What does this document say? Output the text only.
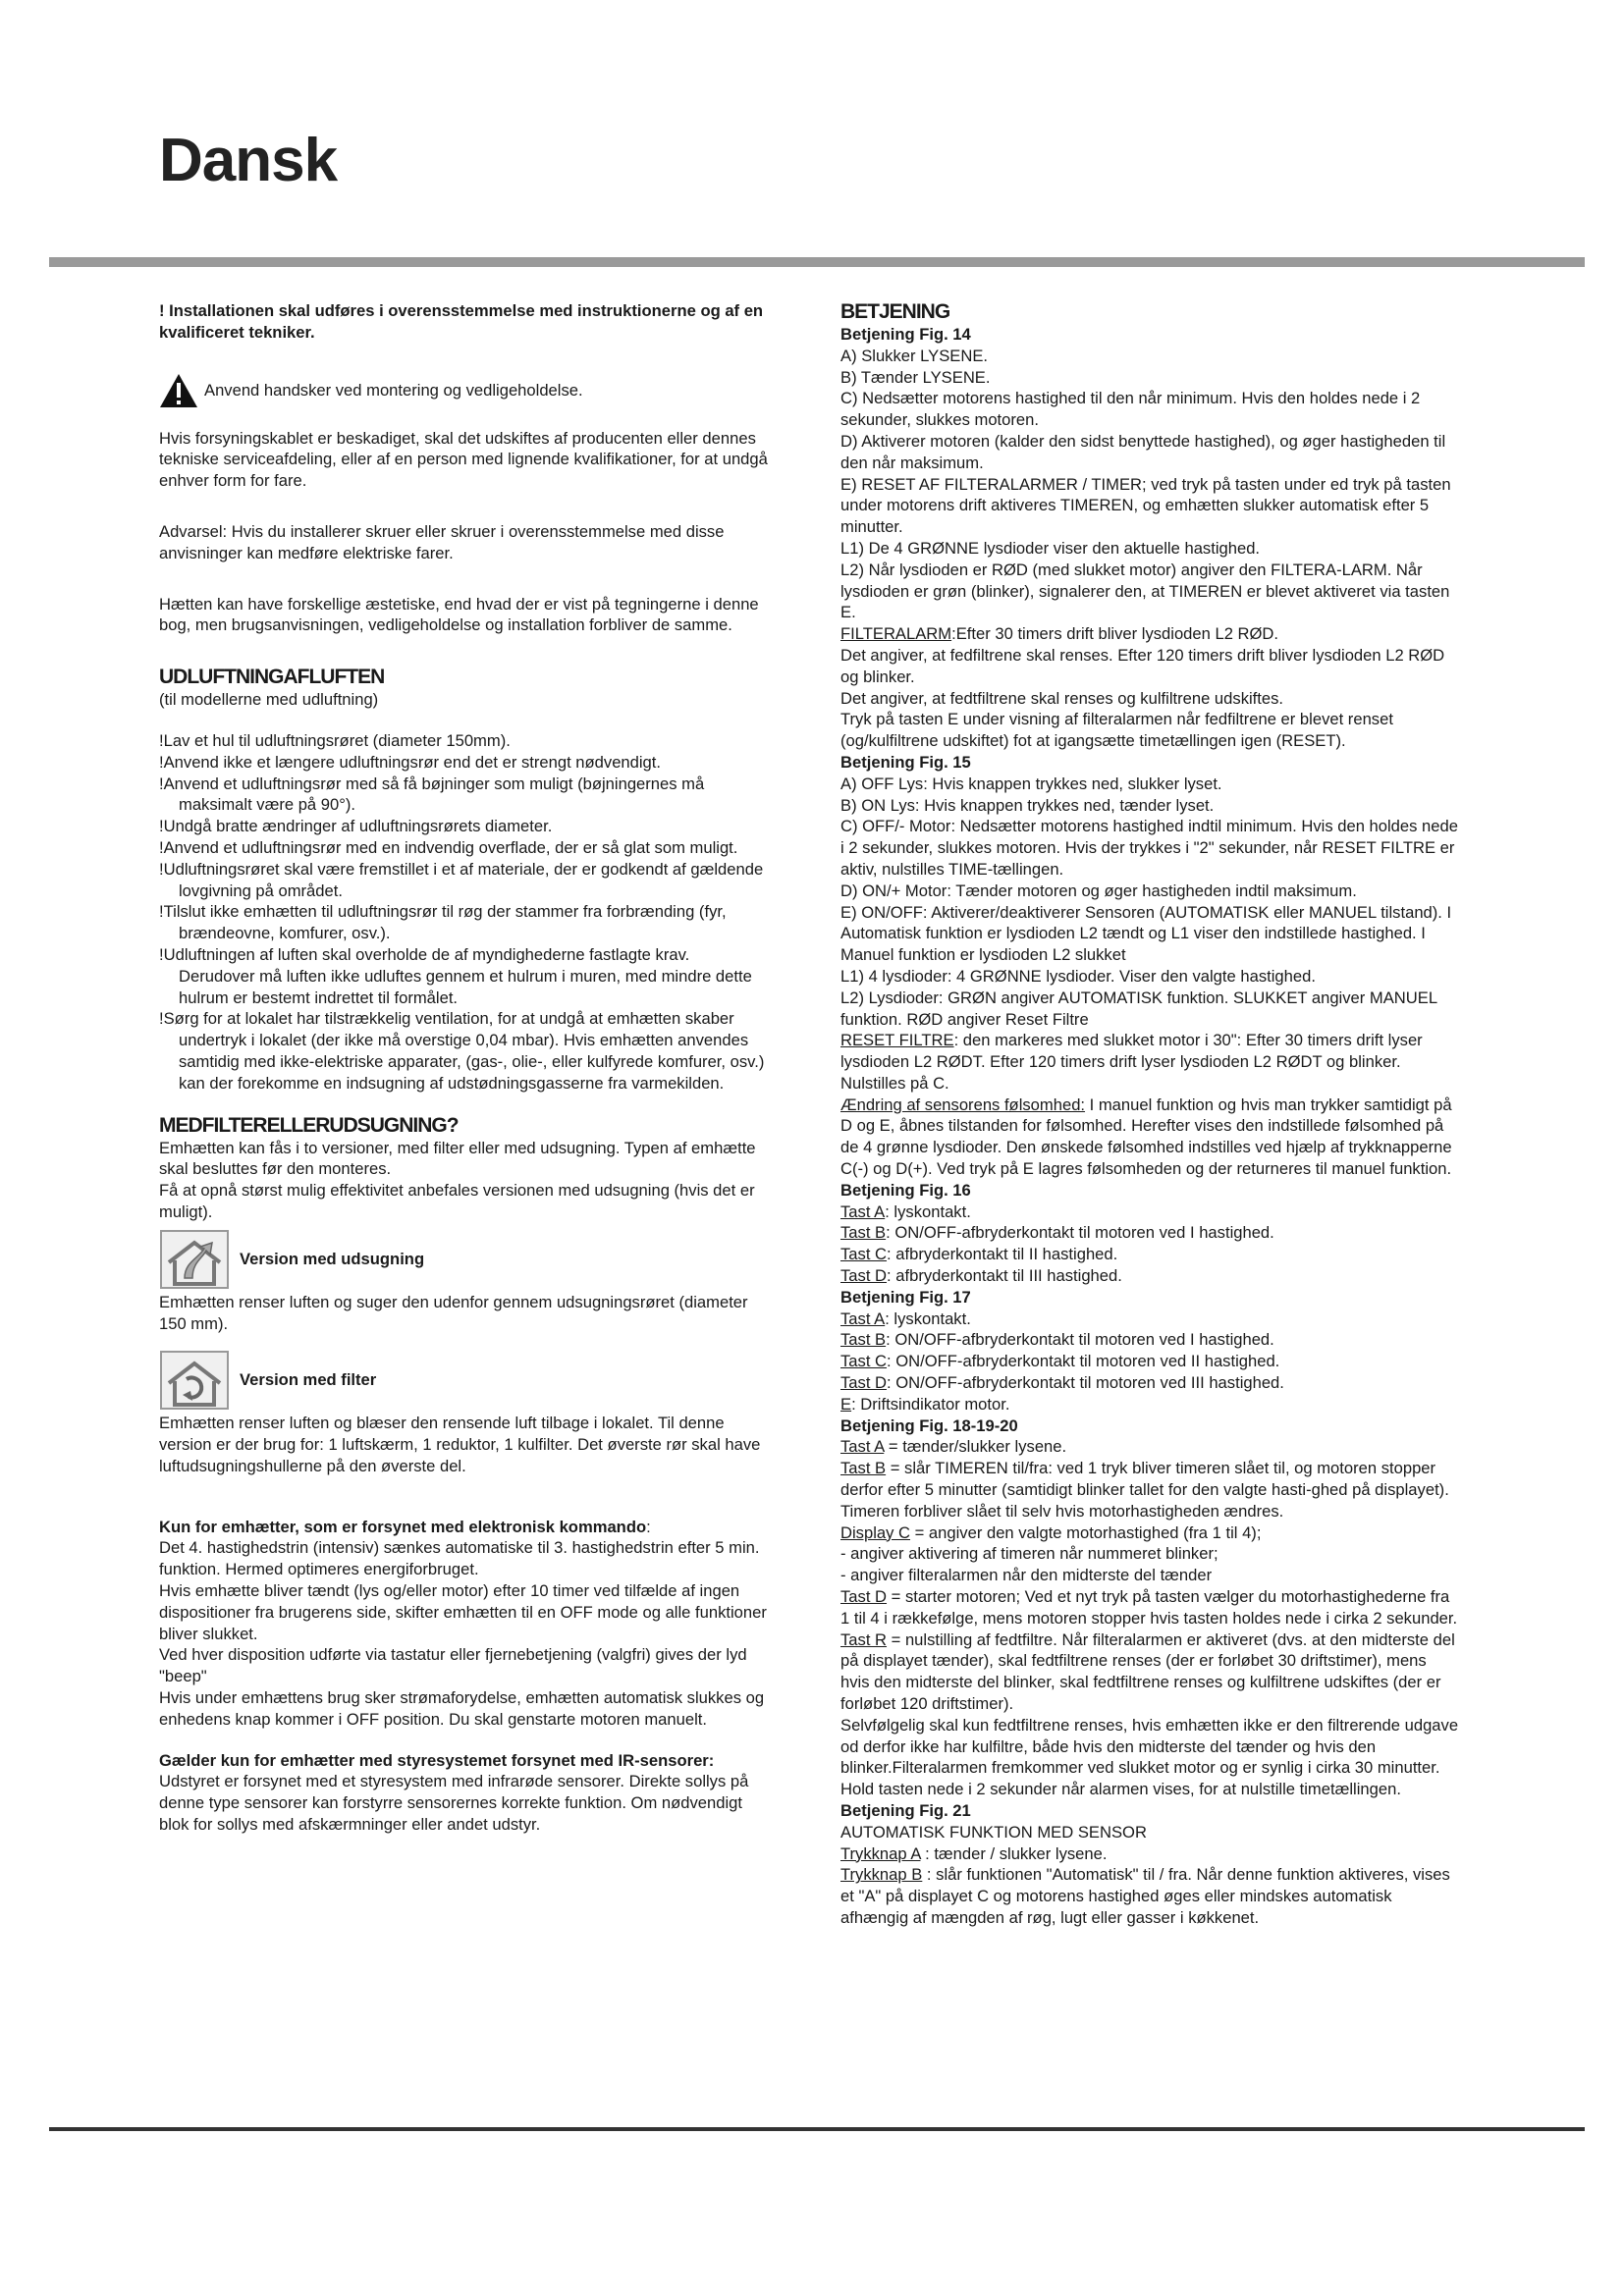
Dansk

! Installationen skal udføres i overensstemmelse med instruktionerne og af en kvalificeret tekniker.

Anvend handsker ved montering og vedligeholdelse.

Hvis forsyningskablet er beskadiget, skal det udskiftes af producenten eller dennes tekniske serviceafdeling, eller af en person med lignende kvalifikationer, for at undgå enhver form for fare.

Advarsel: Hvis du installerer skruer eller skruer i overensstemmelse med disse anvisninger kan medføre elektriske farer.

Hætten kan have forskellige æstetiske, end hvad der er vist på tegningerne i denne bog, men brugsanvisningen, vedligeholdelse og installation forbliver de samme.

UDLUFTNINGAFLUFTEN

(til modellerne med udluftning)

!Lav et hul til udluftningsrøret (diameter 150mm).

!Anvend ikke et længere udluftningsrør end det er strengt nødvendigt.

!Anvend et udluftningsrør med så få bøjninger som muligt (bøjningernes må maksimalt være på 90°).

!Undgå bratte ændringer af udluftningsrørets diameter.

!Anvend et udluftningsrør med en indvendig overflade, der er så glat som muligt.

!Udluftningsrøret skal være fremstillet i et af materiale, der er godkendt af gældende lovgivning på området.

!Tilslut ikke emhætten til udluftningsrør til røg der stammer fra forbrænding (fyr, brændeovne, komfurer, osv.).

!Udluftningen af luften skal overholde de af myndighederne fastlagte krav. Derudover må luften ikke udluftes gennem et hulrum i muren, med mindre dette hulrum er bestemt indrettet til formålet.

!Sørg for at lokalet har tilstrækkelig ventilation, for at undgå at emhætten skaber undertryk i lokalet (der ikke må overstige 0,04 mbar). Hvis emhætten anvendes samtidig med ikke-elektriske apparater, (gas-, olie-, eller kulfyrede komfurer, osv.) kan der forekomme en indsugning af udstødningsgasserne fra varmekilden.

MEDFILTERELLERUDSUGNING?

Emhætten kan fås i to versioner, med filter eller med udsugning. Typen af emhætte skal besluttes før den monteres.

Få at opnå størst mulig effektivitet anbefales versionen med udsugning (hvis det er muligt).

Version med udsugning

Emhætten renser luften og suger den udenfor gennem udsugningsrøret (diameter 150 mm).

Version med filter

Emhætten renser luften og blæser den rensende luft tilbage i lokalet. Til denne version er der brug for: 1 luftskærm, 1 reduktor, 1 kulfilter. Det øverste rør skal have luftudsugningshullerne på den øverste del.

Kun for emhætter, som er forsynet med elektronisk kommando:

Det 4. hastighedstrin (intensiv) sænkes automatiske til 3. hastighedstrin efter 5 min. funktion. Hermed optimeres energiforbruget.

Hvis emhætte bliver tændt (lys og/eller motor) efter 10 timer ved tilfælde af ingen dispositioner fra brugerens side, skifter emhætten til en OFF mode og alle funktioner bliver slukket.

Ved hver disposition udførte via tastatur eller fjernebetjening (valgfri) gives der lyd "beep"

Hvis under emhættens brug sker strømaforydelse, emhætten automatisk slukkes og enhedens knap kommer i OFF position. Du skal genstarte motoren manuelt.

Gælder kun for emhætter med styresystemet forsynet med IR-sensorer: Udstyret er forsynet med et styresystem med infrarøde sensorer. Direkte sollys på denne type sensorer kan forstyrre sensorernes korrekte funktion. Om nødvendigt blok for sollys med afskærmninger eller andet udstyr.

BETJENING

Betjening Fig. 14

A) Slukker LYSENE.

B) Tænder LYSENE.

C) Nedsætter motorens hastighed til den når minimum. Hvis den holdes nede i 2 sekunder, slukkes motoren.

D) Aktiverer motoren (kalder den sidst benyttede hastighed), og øger hastigheden til den når maksimum.

E) RESET AF FILTERALARMER / TIMER; ved tryk på tasten under ed tryk på tasten under motorens drift aktiveres TIMEREN, og emhætten slukker automatisk efter 5 minutter.

L1) De 4 GRØNNE lysdioder viser den aktuelle hastighed.

L2) Når lysdioden er RØD (med slukket motor) angiver den FILTERA-LARM. Når lysdioden er grøn (blinker), signalerer den, at TIMEREN er blevet aktiveret via tasten E.

FILTERALARM:Efter 30 timers drift bliver lysdioden L2 RØD.

Det angiver, at fedfiltrene skal renses. Efter 120 timers drift bliver lysdioden L2 RØD og blinker.

Det angiver, at fedtfiltrene skal renses og kulfiltrene udskiftes.

Tryk på tasten E under visning af filteralarmen når fedfiltrene er blevet renset (og/kulfiltrene udskiftet) fot at igangsætte timetællingen igen (RESET).

Betjening Fig. 15

A) OFF Lys: Hvis knappen trykkes ned, slukker lyset.

B) ON Lys: Hvis knappen trykkes ned, tænder lyset.

C) OFF/- Motor: Nedsætter motorens hastighed indtil minimum. Hvis den holdes nede i 2 sekunder, slukkes motoren. Hvis der trykkes i "2" sekunder, når RESET FILTRE er aktiv, nulstilles TIME-tællingen.

D) ON/+ Motor: Tænder motoren og øger hastigheden indtil maksimum.

E) ON/OFF: Aktiverer/deaktiverer Sensoren (AUTOMATISK eller MANUEL tilstand). I Automatisk funktion er lysdioden L2 tændt og L1 viser den indstillede hastighed. I Manuel funktion er lysdioden L2 slukket

L1) 4 lysdioder: 4 GRØNNE lysdioder. Viser den valgte hastighed.

L2) Lysdioder: GRØN angiver AUTOMATISK funktion. SLUKKET angiver MANUEL funktion. RØD angiver Reset Filtre

RESET FILTRE: den markeres med slukket motor i 30": Efter 30 timers drift lyser lysdioden L2 RØDT. Efter 120 timers drift lyser lysdioden L2 RØDT og blinker. Nulstilles på C.

Ændring af sensorens følsomhed: I manuel funktion og hvis man trykker samtidigt på D og E, åbnes tilstanden for følsomhed. Herefter vises den indstillede følsomhed på de 4 grønne lysdioder. Den ønskede følsomhed indstilles ved hjælp af trykknapperne C(-) og D(+). Ved tryk på E lagres følsomheden og der returneres til manuel funktion.

Betjening Fig. 16

Tast A: lyskontakt.

Tast B: ON/OFF-afbryderkontakt til motoren ved I hastighed.

Tast C: afbryderkontakt til II hastighed.

Tast D: afbryderkontakt til III hastighed.

Betjening Fig. 17

Tast A: lyskontakt.

Tast B: ON/OFF-afbryderkontakt til motoren ved I hastighed.

Tast C: ON/OFF-afbryderkontakt til motoren ved II hastighed.

Tast D: ON/OFF-afbryderkontakt til motoren ved III hastighed.

E: Driftsindikator motor.

Betjening Fig. 18-19-20

Tast A = tænder/slukker lysene.

Tast B = slår TIMEREN til/fra: ved 1 tryk bliver timeren slået til, og motoren stopper derfor efter 5 minutter (samtidigt blinker tallet for den valgte hasti-ghed på displayet). Timeren forbliver slået til selv hvis motorhastigheden ændres.

Display C = angiver den valgte motorhastighed (fra 1 til 4);

- angiver aktivering af timeren når nummeret blinker;

- angiver filteralarmen når den midterste del tænder

Tast D = starter motoren; Ved et nyt tryk på tasten vælger du motorhastighederne fra 1 til 4 i rækkefølge, mens motoren stopper hvis tasten holdes nede i cirka 2 sekunder.

Tast R = nulstilling af fedtfiltre. Når filteralarmen er aktiveret (dvs. at den midterste del på displayet tænder), skal fedtfiltrene renses (der er forløbet 30 driftstimer), mens hvis den midterste del blinker, skal fedtfiltrene renses og kulfiltrene udskiftes (der er forløbet 120 driftstimer).

Selvfølgelig skal kun fedtfiltrene renses, hvis emhætten ikke er den filtrerende udgave od derfor ikke har kulfiltre, både hvis den midterste del tænder og hvis den blinker.Filteralarmen fremkommer ved slukket motor og er synlig i cirka 30 minutter. Hold tasten nede i 2 sekunder når alarmen vises, for at nulstille timetællingen.

Betjening Fig. 21

AUTOMATISK FUNKTION MED SENSOR

Trykknap A : tænder / slukker lysene.

Trykknap B : slår funktionen "Automatisk" til / fra. Når denne funktion aktiveres, vises et "A" på displayet C og motorens hastighed øges eller mindskes automatisk afhængig af mængden af røg, lugt eller gasser i køkkenet.
